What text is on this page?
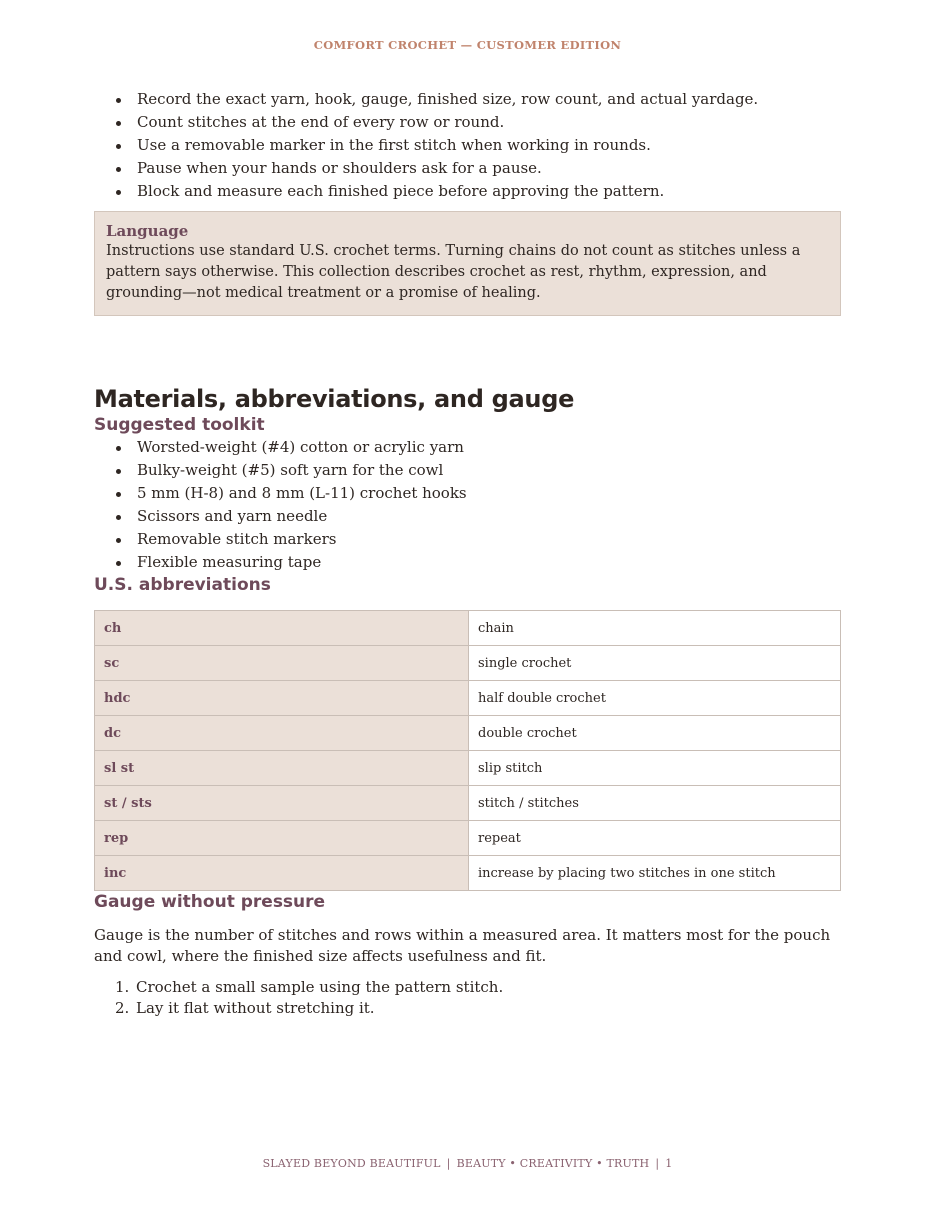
COMFORT CROCHET — CUSTOMER EDITION
Record the exact yarn, hook, gauge, finished size, row count, and actual yardage.
Count stitches at the end of every row or round.
Use a removable marker in the first stitch when working in rounds.
Pause when your hands or shoulders ask for a pause.
Block and measure each finished piece before approving the pattern.
Language
Instructions use standard U.S. crochet terms. Turning chains do not count as stitches unless a pattern says otherwise. This collection describes crochet as rest, rhythm, expression, and grounding—not medical treatment or a promise of healing.
Materials, abbreviations, and gauge
Suggested toolkit
Worsted-weight (#4) cotton or acrylic yarn
Bulky-weight (#5) soft yarn for the cowl
5 mm (H-8) and 8 mm (L-11) crochet hooks
Scissors and yarn needle
Removable stitch markers
Flexible measuring tape
U.S. abbreviations
ch	chain
sc	single crochet
hdc	half double crochet
dc	double crochet
sl st	slip stitch
st / sts	stitch / stitches
rep	repeat
inc	increase by placing two stitches in one stitch
Gauge without pressure

Gauge is the number of stitches and rows within a measured area. It matters most for the pouch and cowl, where the finished size affects usefulness and fit.

1. Crochet a small sample using the pattern stitch.
2. Lay it flat without stretching it.
SLAYED BEYOND BEAUTIFUL | BEAUTY • CREATIVITY • TRUTH | 1
